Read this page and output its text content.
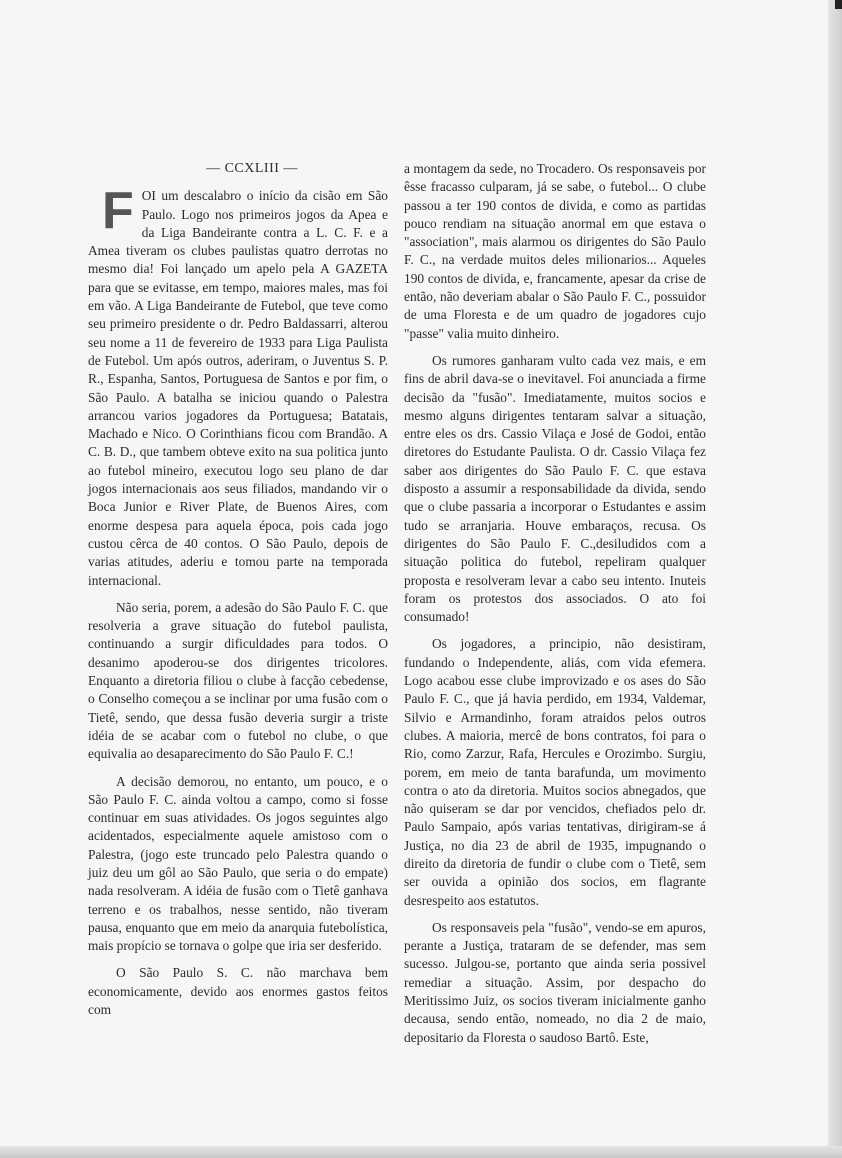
— CCXLIII —

FOI um descalabro o início da cisão em São Paulo. Logo nos primeiros jogos da Apea e da Liga Bandeirante contra a L. C. F. e a Amea tiveram os clubes paulistas quatro derrotas no mesmo dia! Foi lançado um apelo pela A GAZETA para que se evitasse, em tempo, maiores males, mas foi em vão. A Liga Bandeirante de Futebol, que teve como seu primeiro presidente o dr. Pedro Baldassarri, alterou seu nome a 11 de fevereiro de 1933 para Liga Paulista de Futebol. Um após outros, aderiram, o Juventus S. P. R., Espanha, Santos, Portuguesa de Santos e por fim, o São Paulo. A batalha se iniciou quando o Palestra arrancou varios jogadores da Portuguesa; Batatais, Machado e Nico. O Corinthians ficou com Brandão. A C. B. D., que tambem obteve exito na sua politica junto ao futebol mineiro, executou logo seu plano de dar jogos internacionais aos seus filiados, mandando vir o Boca Junior e River Plate, de Buenos Aires, com enorme despesa para aquela época, pois cada jogo custou cêrca de 40 contos. O São Paulo, depois de varias atitudes, aderiu e tomou parte na temporada internacional.

Não seria, porem, a adesão do São Paulo F. C. que resolveria a grave situação do futebol paulista, continuando a surgir dificuldades para todos. O desanimo apoderou-se dos dirigentes tricolores. Enquanto a diretoria filiou o clube à facção cebedense, o Conselho começou a se inclinar por uma fusão com o Tietê, sendo, que dessa fusão deveria surgir a triste idéia de se acabar com o futebol no clube, o que equivalia ao desaparecimento do São Paulo F. C.!

A decisão demorou, no entanto, um pouco, e o São Paulo F. C. ainda voltou a campo, como si fosse continuar em suas atividades. Os jogos seguintes algo acidentados, especialmente aquele amistoso com o Palestra, (jogo este truncado pelo Palestra quando o juiz deu um gôl ao São Paulo, que seria o do empate) nada resolveram. A idéia de fusão com o Tietê ganhava terreno e os trabalhos, nesse sentido, não tiveram pausa, enquanto que em meio da anarquia futebolística, mais propício se tornava o golpe que iria ser desferido.

O São Paulo S. C. não marchava bem economicamente, devido aos enormes gastos feitos com

a montagem da sede, no Trocadero. Os responsaveis por êsse fracasso culparam, já se sabe, o futebol... O clube passou a ter 190 contos de divida, e como as partidas pouco rendiam na situação anormal em que estava o "association", mais alarmou os dirigentes do São Paulo F. C., na verdade muitos deles milionarios... Aqueles 190 contos de divida, e, francamente, apesar da crise de então, não deveriam abalar o São Paulo F. C., possuidor de uma Floresta e de um quadro de jogadores cujo "passe" valia muito dinheiro.

Os rumores ganharam vulto cada vez mais, e em fins de abril dava-se o inevitavel. Foi anunciada a firme decisão da "fusão". Imediatamente, muitos socios e mesmo alguns dirigentes tentaram salvar a situação, entre eles os drs. Cassio Vilaça e José de Godoi, então diretores do Estudante Paulista. O dr. Cassio Vilaça fez saber aos dirigentes do São Paulo F. C. que estava disposto a assumir a responsabilidade da divida, sendo que o clube passaria a incorporar o Estudantes e assim tudo se arranjaria. Houve embaraços, recusa. Os dirigentes do São Paulo F. C.,desiludidos com a situação politica do futebol, repeliram qualquer proposta e resolveram levar a cabo seu intento. Inuteis foram os protestos dos associados. O ato foi consumado!

Os jogadores, a principio, não desistiram, fundando o Independente, aliás, com vida efemera. Logo acabou esse clube improvizado e os ases do São Paulo F. C., que já havia perdido, em 1934, Valdemar, Silvio e Armandinho, foram atraidos pelos outros clubes. A maioria, mercê de bons contratos, foi para o Rio, como Zarzur, Rafa, Hercules e Orozimbo. Surgiu, porem, em meio de tanta barafunda, um movimento contra o ato da diretoria. Muitos socios abnegados, que não quiseram se dar por vencidos, chefiados pelo dr. Paulo Sampaio, após varias tentativas, dirigiram-se á Justiça, no dia 23 de abril de 1935, impugnando o direito da diretoria de fundir o clube com o Tietê, sem ser ouvida a opinião dos socios, em flagrante desrespeito aos estatutos.

Os responsaveis pela "fusão", vendo-se em apuros, perante a Justiça, trataram de se defender, mas sem sucesso. Julgou-se, portanto que ainda seria possivel remediar a situação. Assim, por despacho do Meritissimo Juiz, os socios tiveram inicialmente ganho decausa, sendo então, nomeado, no dia 2 de maio, depositario da Floresta o saudoso Bartô. Este,
